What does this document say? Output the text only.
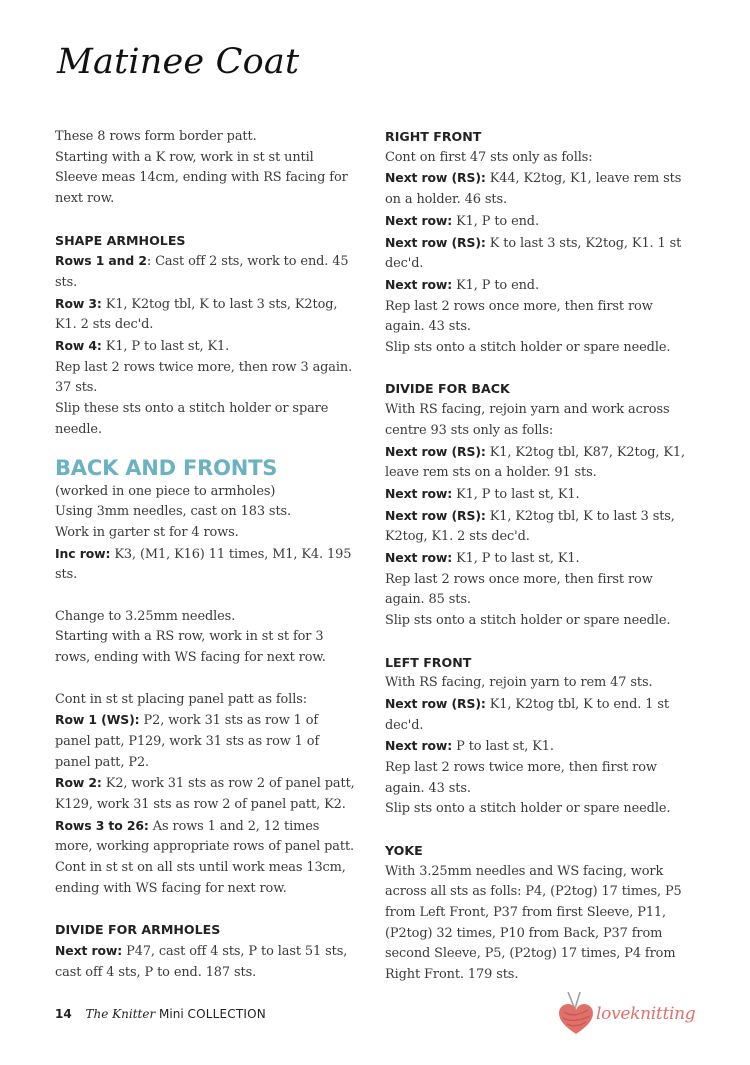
Matinee Coat

These 8 rows form border patt.

Starting with a K row, work in st st until Sleeve meas 14cm, ending with RS facing for next row.

SHAPE ARMHOLES

Rows 1 and 2: Cast off 2 sts, work to end. 45 sts.

Row 3: K1, K2tog tbl, K to last 3 sts, K2tog, K1. 2 sts dec'd.

Row 4: K1, P to last st, K1.

Rep last 2 rows twice more, then row 3 again. 37 sts.

Slip these sts onto a stitch holder or spare needle.

BACK AND FRONTS

(worked in one piece to armholes)

Using 3mm needles, cast on 183 sts.

Work in garter st for 4 rows.

Inc row: K3, (M1, K16) 11 times, M1, K4. 195 sts.

Change to 3.25mm needles.

Starting with a RS row, work in st st for 3 rows, ending with WS facing for next row.

Cont in st st placing panel patt as folls:

Row 1 (WS): P2, work 31 sts as row 1 of panel patt, P129, work 31 sts as row 1 of panel patt, P2.

Row 2: K2, work 31 sts as row 2 of panel patt, K129, work 31 sts as row 2 of panel patt, K2.

Rows 3 to 26: As rows 1 and 2, 12 times more, working appropriate rows of panel patt.

Cont in st st on all sts until work meas 13cm, ending with WS facing for next row.

DIVIDE FOR ARMHOLES

Next row: P47, cast off 4 sts, P to last 51 sts, cast off 4 sts, P to end. 187 sts.

RIGHT FRONT

Cont on first 47 sts only as folls:

Next row (RS): K44, K2tog, K1, leave rem sts on a holder. 46 sts.

Next row: K1, P to end.

Next row (RS): K to last 3 sts, K2tog, K1. 1 st dec'd.

Next row: K1, P to end.

Rep last 2 rows once more, then first row again. 43 sts.

Slip sts onto a stitch holder or spare needle.

DIVIDE FOR BACK

With RS facing, rejoin yarn and work across centre 93 sts only as folls:

Next row (RS): K1, K2tog tbl, K87, K2tog, K1, leave rem sts on a holder. 91 sts.

Next row: K1, P to last st, K1.

Next row (RS): K1, K2tog tbl, K to last 3 sts, K2tog, K1. 2 sts dec'd.

Next row: K1, P to last st, K1.

Rep last 2 rows once more, then first row again. 85 sts.

Slip sts onto a stitch holder or spare needle.

LEFT FRONT

With RS facing, rejoin yarn to rem 47 sts.

Next row (RS): K1, K2tog tbl, K to end. 1 st dec'd.

Next row: P to last st, K1.

Rep last 2 rows twice more, then first row again. 43 sts.

Slip sts onto a stitch holder or spare needle.

YOKE

With 3.25mm needles and WS facing, work across all sts as folls: P4, (P2tog) 17 times, P5 from Left Front, P37 from first Sleeve, P11, (P2tog) 32 times, P10 from Back, P37 from second Sleeve, P5, (P2tog) 17 times, P4 from Right Front. 179 sts.

14 The Knitter Mini COLLECTION	loveknitting
